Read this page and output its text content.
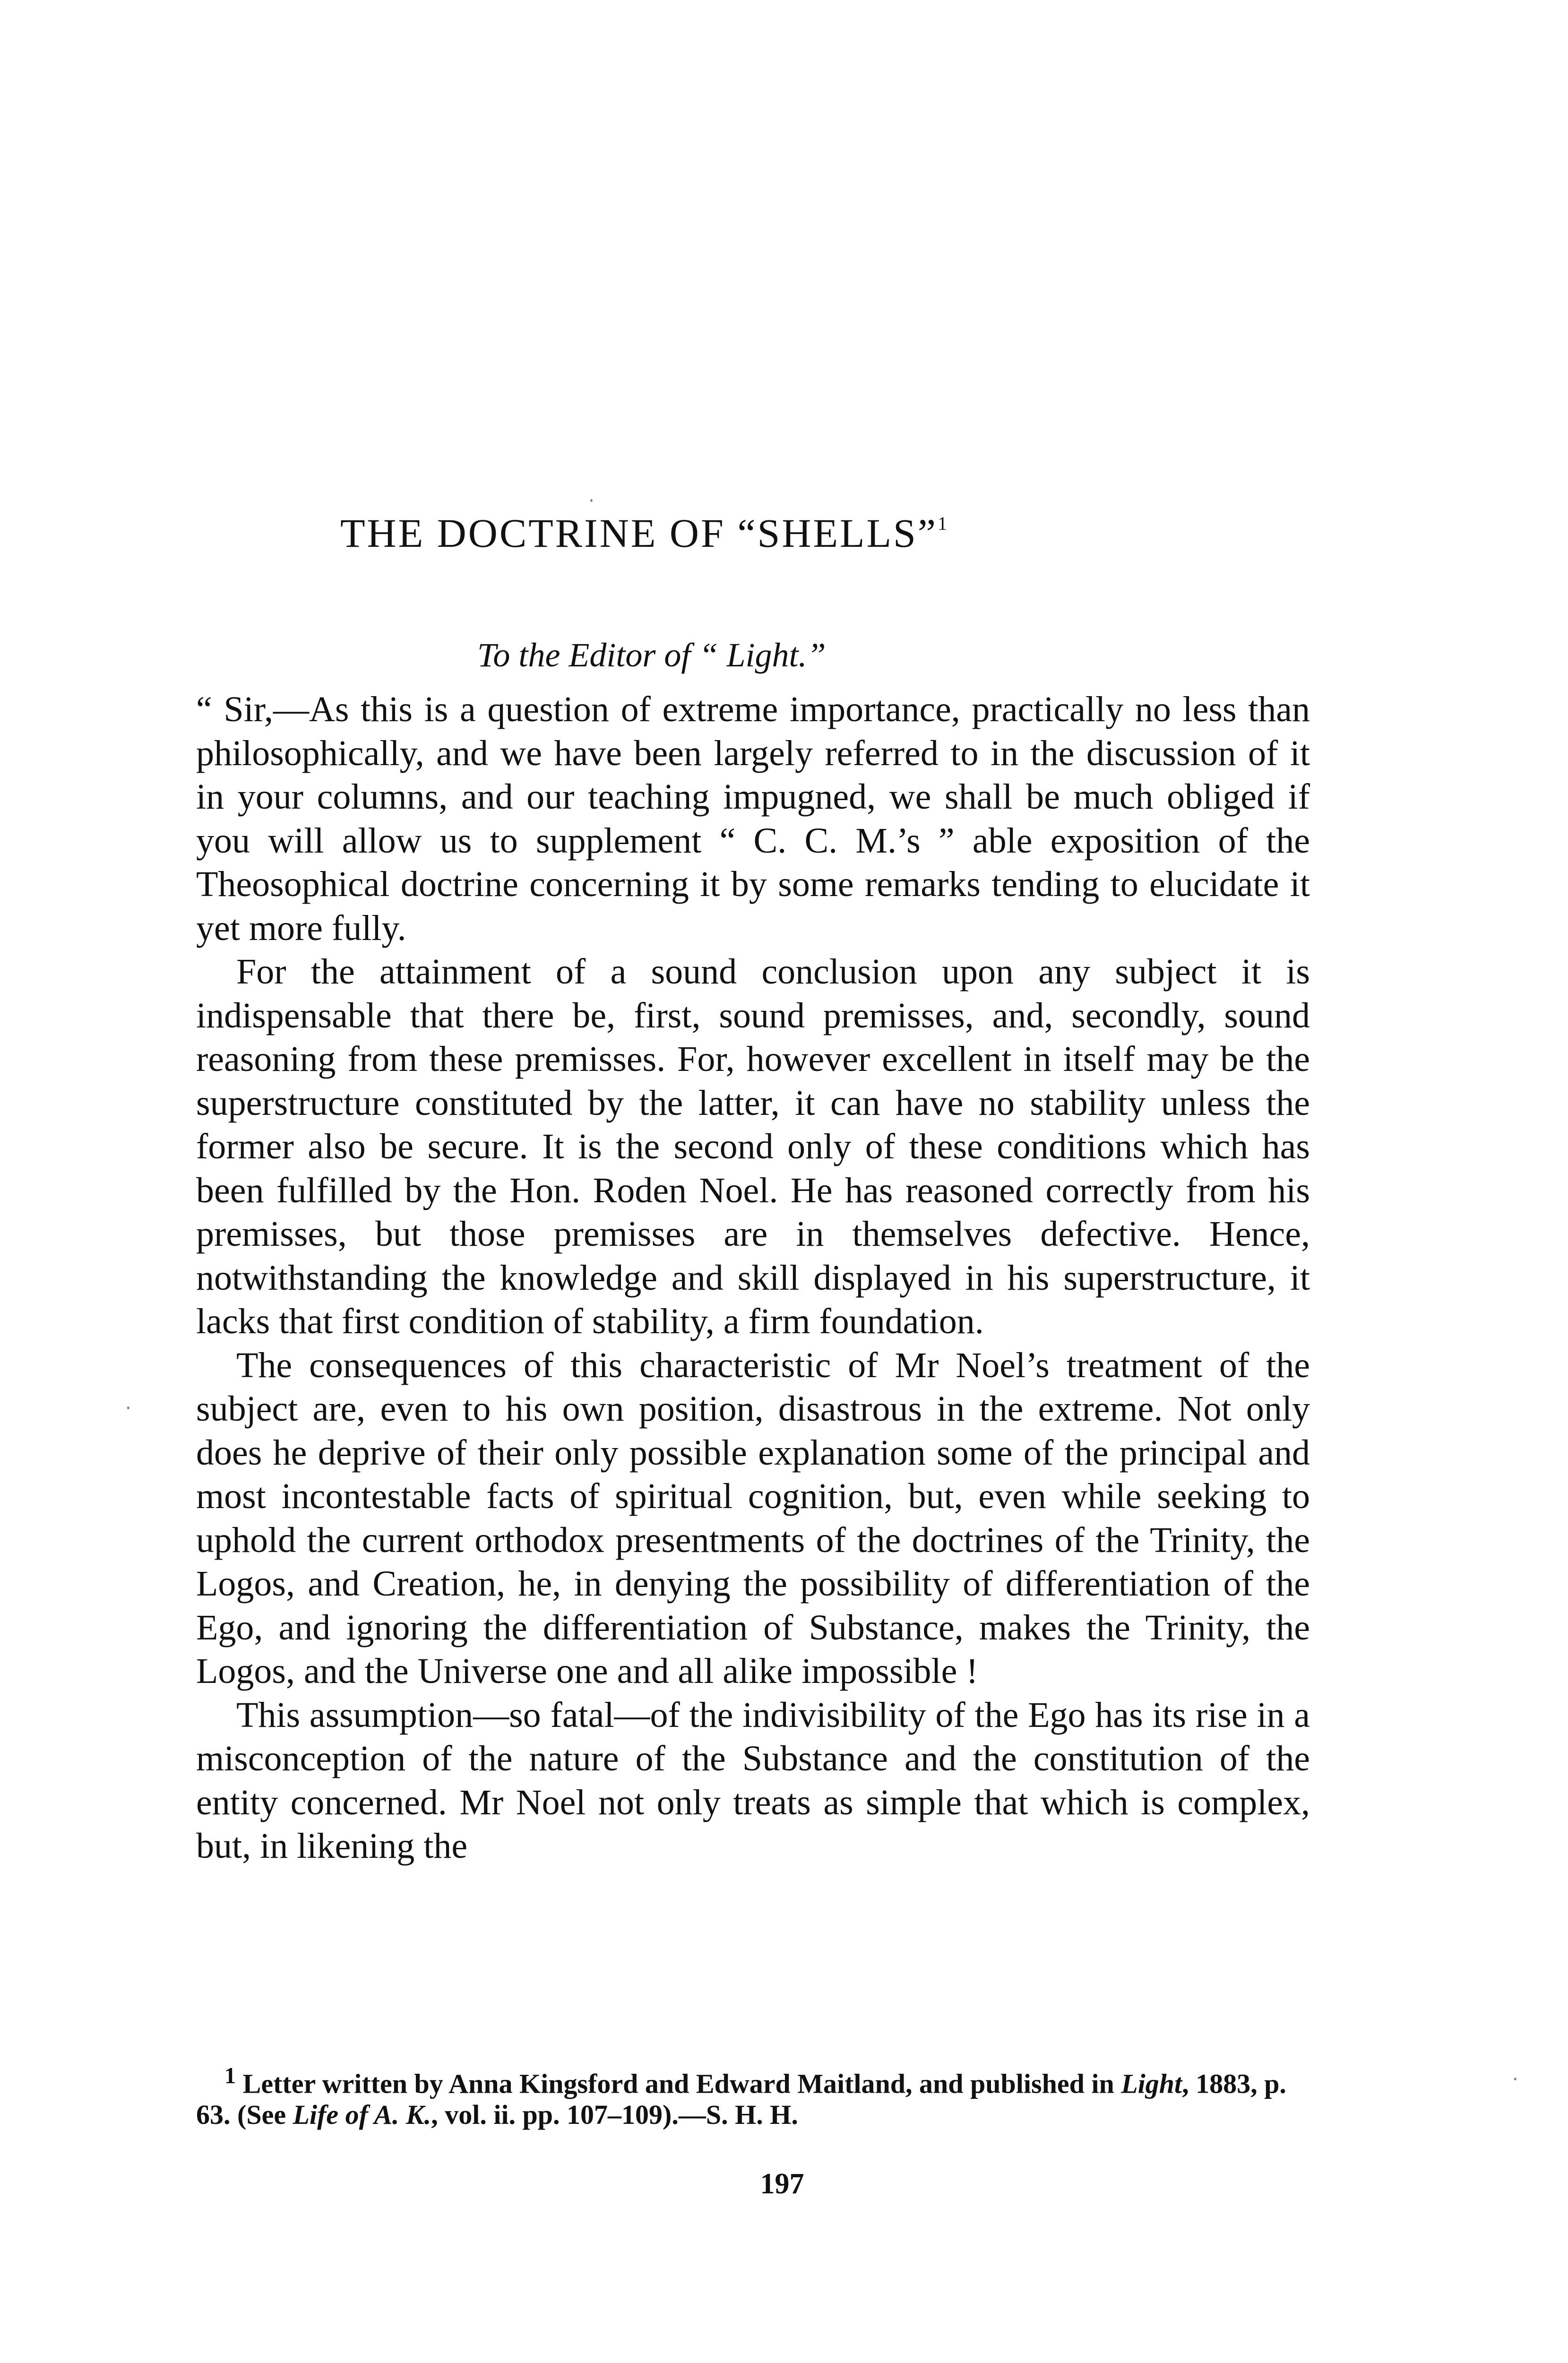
THE DOCTRINE OF “SHELLS”$^1$
To the Editor of “ Light.”

“ Sir,—As this is a question of extreme importance, practically no less than philosophically, and we have been largely referred to in the discussion of it in your columns, and our teaching impugned, we shall be much obliged if you will allow us to supplement “ C. C. M.’s ” able exposition of the Theosophical doctrine concerning it by some remarks tending to elucidate it yet more fully.

For the attainment of a sound conclusion upon any subject it is indispensable that there be, first, sound premisses, and, secondly, sound reasoning from these premisses. For, however excellent in itself may be the superstructure constituted by the latter, it can have no stability unless the former also be secure. It is the second only of these conditions which has been fulfilled by the Hon. Roden Noel. He has reasoned correctly from his premisses, but those premisses are in themselves defective. Hence, notwithstanding the knowledge and skill displayed in his superstructure, it lacks that first condition of stability, a firm foundation.

The consequences of this characteristic of Mr Noel’s treatment of the subject are, even to his own position, disastrous in the extreme. Not only does he deprive of their only possible explanation some of the principal and most incontestable facts of spiritual cognition, but, even while seeking to uphold the current orthodox presentments of the doctrines of the Trinity, the Logos, and Creation, he, in denying the possibility of differentiation of the Ego, and ignoring the differentiation of Substance, makes the Trinity, the Logos, and the Universe one and all alike impossible !

This assumption—so fatal—of the indivisibility of the Ego has its rise in a misconception of the nature of the Substance and the constitution of the entity concerned. Mr Noel not only treats as simple that which is complex, but, in likening the

$^1$ Letter written by Anna Kingsford and Edward Maitland, and published in Light, 1883, p. 63. (See Life of A. K., vol. ii. pp. 107–109).—S. H. H.
197
·
·
·
